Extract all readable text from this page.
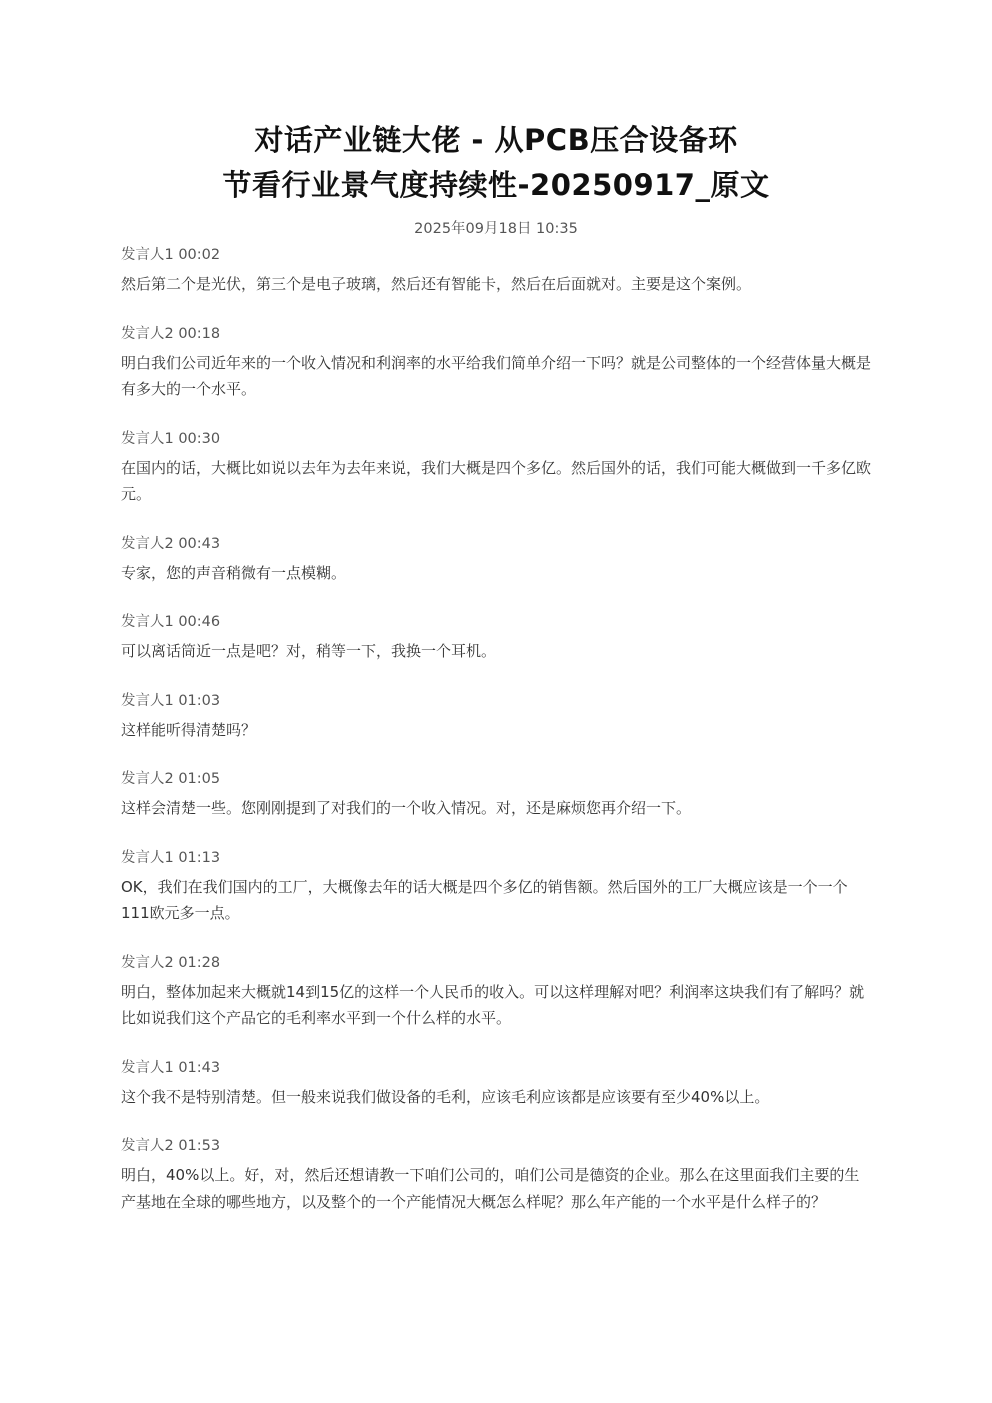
对话产业链大佬 - 从PCB压合设备环
节看行业景气度持续性-20250917_原文
2025年09月18日 10:35
发言人1 00:02
然后第二个是光伏，第三个是电子玻璃，然后还有智能卡，然后在后面就对。主要是这个案例。
发言人2 00:18
明白我们公司近年来的一个收入情况和利润率的水平给我们简单介绍一下吗？就是公司整体的一个经营体量大概是有多大的一个水平。
发言人1 00:30
在国内的话，大概比如说以去年为去年来说，我们大概是四个多亿。然后国外的话，我们可能大概做到一千多亿欧元。
发言人2 00:43
专家，您的声音稍微有一点模糊。
发言人1 00:46
可以离话筒近一点是吧？对，稍等一下，我换一个耳机。
发言人1 01:03
这样能听得清楚吗？
发言人2 01:05
这样会清楚一些。您刚刚提到了对我们的一个收入情况。对，还是麻烦您再介绍一下。
发言人1 01:13
OK，我们在我们国内的工厂，大概像去年的话大概是四个多亿的销售额。然后国外的工厂大概应该是一个一个111欧元多一点。
发言人2 01:28
明白，整体加起来大概就14到15亿的这样一个人民币的收入。可以这样理解对吧？利润率这块我们有了解吗？就比如说我们这个产品它的毛利率水平到一个什么样的水平。
发言人1 01:43
这个我不是特别清楚。但一般来说我们做设备的毛利，应该毛利应该都是应该要有至少40%以上。
发言人2 01:53
明白，40%以上。好，对，然后还想请教一下咱们公司的，咱们公司是德资的企业。那么在这里面我们主要的生产基地在全球的哪些地方，以及整个的一个产能情况大概怎么样呢？那么年产能的一个水平是什么样子的？
